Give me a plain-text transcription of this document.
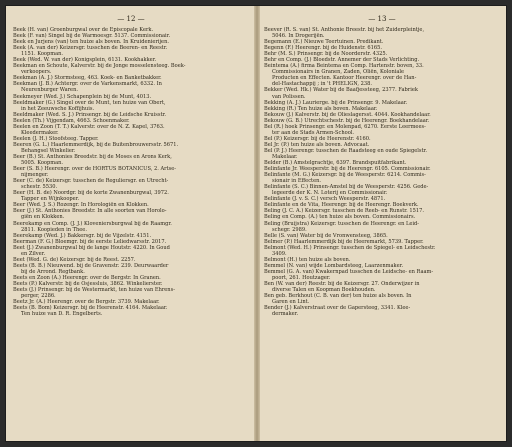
— 12 —
Beek (H. van) Groenburgwal over de Episcopale Kerk.
Beek (F. van) Singel bij de Warmoesgr. 5137. Commissionair.
Beek en Jurjens (van) ten huize als boven. In Kruidenierijen.
Beek (A. van der) Keizersgr. tusschen de Beeren- en Reestr.
1151. Koopman.
Beek (Wed. W. van der) Konigsplein, 6131. Kookhakker.
Beekman en Schoute, Kalverstr. bij de Jonge mosselensteeg. Boek-
verkoopers.
Beekman (A. J.) Stormsteeg, 463. Koek- en Banketbakker.
Beekman (J. B.) Achtergr. over de Varkensmarkt, 6332. In
Neurenburger Waren.
Beekmeyer (Wed. J.) Schapenplein bij de Munt, 4013.
Beeldmaker (G.) Singel over de Munt, ten huize van Obert,
in het Zeeuwsche Koffijhuis.
Beeldmaker (Wed. S. J.) Prinsengr. bij de Leidsche Kruisstr.
Beelen (Th.) Vijgendam, 4663. Schoenmaker.
Beelen en Zoon (T. T.) Kalverstr. over de N. Z. Kapel, 3763.
Kleedermaker.
Beelen (J. H.) Stoofsteeg. Tapper.
Beeren (G. L.) Haarlemmerdijk, bij de Buitenbrouwersstr. 5671.
Behangsel Winkelier.
Beer (B.) St. Anthonies Breedstr. bij de Moses en Arons Kerk,
5005. Koopman.
Beer (S. B.) Heerengr. over de HORTUS BOTANICUS, 2. Artse-
nijmenger.
Beer (C. de) Keizersgr. tusschen de Reguliersgr. en Utrecht-
schestr. 5530.
Beer (H. B. de) Noordgr. bij de korte Zwanenburgwal, 3972.
Tapper en Wijnkooper.
Beer (Wed. J. S.) Rozengr. In Horologiën en Klokken.
Beer (J.) St. Anthonies Breedstr. In alle soorten van Horolo-
giën en Klokken.
Beerekamp en Comp. (J. J.) Kloveniersburgwal bij de Raamgr.
2811. Koopieden in Thee.
Beerekamp (Wed. J.) Bakkersgr. bij de Vijzelstr. 4151.
Beerman (F. G.) Bloemgr. bij de eerste Leliedwarsstr. 2017.
Beet (J.) Zwanenburgwal bij de lange Houtstr. 4220. In Goud
en Zilver.
Beet (Wed. G. de) Keizersgr. bij de Reest. 2257.
Beets (B. B.) Nieuwend. bij de Gravenstr. 239. Deurwaarder
bij de Arrond. Regtbank.
Beets en Zoon (A.) Heerengr. over de Bergstr. In Granen.
Beets (P.) Kalverstr. bij de Osjessluis, 3862. Winkelierster.
Beets (J.) Prinsengr. bij de Westermarkt, ten huize van Ehrens-
perger, 2286.
Beetz Jr. (A.) Heerengr. over de Bergstr. 3739. Makelaar.
Beets (B. Bom) Keizersgr. bij de Heerenstr. 4164. Makelaar.
Ten huize van D. R. Engelberts.
— 13 —
Beever (R. S. van) St. Anthonie Breestr. bij het Zuiderpleintje,
5046. In Drogerijën.
Begemann (E.) Nieuwe Teertuinen. Predikant.
Begenn (F.) Heerengr. bij de Huidenstr. 6165.
Behr (M. S.) Prinsengr. bij de Noorderstr. 4325.
Behr en Comp. (J.) Bloedstr. Annemer der Stads Verlichting.
Beintema (A.) firma Beintema en Comp. Hartenstr. boven, 33.
Commissionairs in Granen, Zaden, Oliën, Koloniale
Producten en Effecten. Kantoor Heerengr. over de Han-
del-Hastachappij ; in 't PHELIGN, 238.
Bekker (Wed. Hk.) Water bij de Baafjessteeg, 2377. Fabriek
van Polissen.
Bekking (A. J.) Laurierge. bij de Prinsengr. 9. Makelaar.
Bekking (R.) Ten huize als boven. Makelaar.
Bekouw (J.) Kalverstr. bij de Olieslagersst. 4044. Kookhandelaar.
Bekouw (G. B.) Utrechtschestr. bij de Heerengr. Boekhandelaar.
Bel (R.) hoek Prinsengr. en Molenpad, 6270. Eerste Leermees-
ter aan de Stads Armen-School.
Bel (P.) Keizersgr. bij de Heerenstr. 4160.
Bel Jr. (P.) ten huize als boven. Advocaat.
Bel (P. J.) Heerengr. tusschen de Raadsteeg en oude Spiegelstr.
Makelaar.
Belder (B.) Amstelgrachtje, 6397. Brandspuitfabrikant.
Belinfante Jr. Weesperstr. bij de Heerengr. 6105. Commissionair.
Belinfante (M. G.) Keizersgr. bij de Weesperstr. 6214. Commis-
sionair in Effecten.
Belinfante (S. C.) Binnen-Amstel bij de Weesperstr. 4256. Gede-
legeerde der K. N. Loterij en Commissionair.
Belinfante (J. v. S. C.) versch Weesperstr. 4871.
Belinfante en de Vita, Heerengr. bij de Heerengr. Boekverk.
Beling (J. C. A.) Keizersgr. tusschen de Reeb- en Runstr. 1517.
Beling en Comp. (A.) ten huize als boven. Commissionairs.
Beling (Bruijstra) Keizersgr. tusschen de Heerengr. en Leid-
schegr. 2989.
Belle (S. van) Water bij de Vronwensteeg, 3865.
Belmer (P.) Haarlemmerdijk bij de Heeremarkt, 5739. Tapper.
Belmont (Wed. H.) Prinsengr. tusschen de Spiegel- en Leidschestr.
3409.
Belmont (H.) ten huize als boven.
Bemmel (N. van) wijde Lombardsteeg, Laarzenmaker.
Bemmel (G. A. van) Kwakernpad tusschen de Leidsche- en Raam-
poort, 261. Houtzager.
Ben (W. van der) Reestr. bij de Keizersgr. 27. Onderwijzer in
diverse Talen en Koopman Boekhouden.
Ben geb. Berkhout (C. B. van der) ten huize als boven. In
Garen en Lint.
Bender (J.) Kalverstraat over de Gapersteeg, 3341. Klee-
dermaker.
